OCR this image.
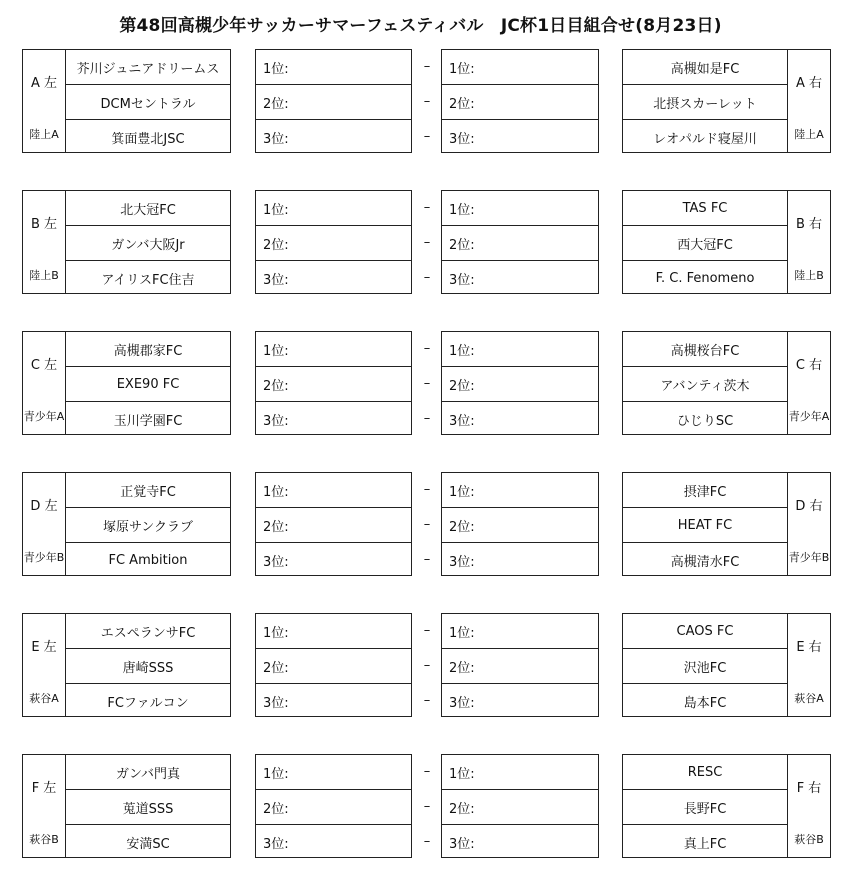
第48回高槻少年サッカーサマーフェスティバル　JC杯1日目組合せ(8月23日)
A 左
陸上A
芥川ジュニアドリームス
DCMセントラル
箕面豊北JSC
1位:
2位:
3位:
–
–
–
1位:
2位:
3位:
高槻如是FC
北摂スカーレット
レオパルド寝屋川
A 右
陸上A
B 左
陸上B
北大冠FC
ガンバ大阪Jr
アイリスFC住吉
1位:
2位:
3位:
–
–
–
1位:
2位:
3位:
TAS FC
西大冠FC
F. C. Fenomeno
B 右
陸上B
C 左
青少年A
高槻郡家FC
EXE90 FC
玉川学園FC
1位:
2位:
3位:
–
–
–
1位:
2位:
3位:
高槻桜台FC
アバンティ茨木
ひじりSC
C 右
青少年A
D 左
青少年B
正覚寺FC
塚原サンクラブ
FC Ambition
1位:
2位:
3位:
–
–
–
1位:
2位:
3位:
摂津FC
HEAT FC
高槻清水FC
D 右
青少年B
E 左
萩谷A
エスペランサFC
唐崎SSS
FCファルコン
1位:
2位:
3位:
–
–
–
1位:
2位:
3位:
CAOS FC
沢池FC
島本FC
E 右
萩谷A
F 左
萩谷B
ガンバ門真
莵道SSS
安満SC
1位:
2位:
3位:
–
–
–
1位:
2位:
3位:
RESC
長野FC
真上FC
F 右
萩谷B
